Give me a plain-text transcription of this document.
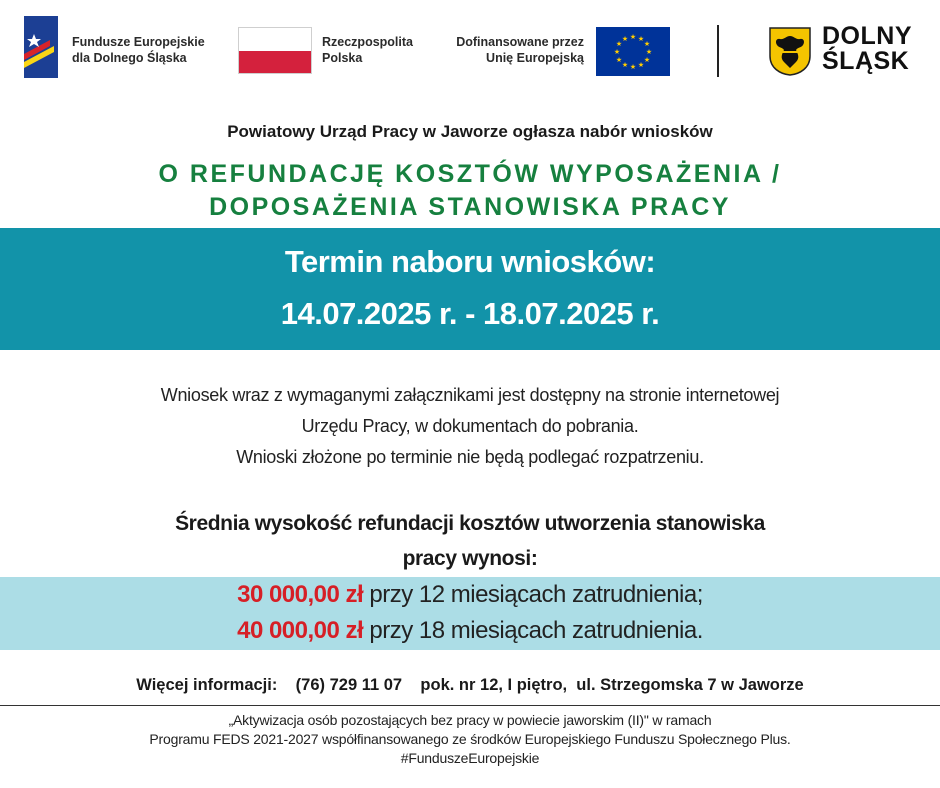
Fundusze Europejskie
dla Dolnego Śląska
Rzeczpospolita
Polska
Dofinansowane przez
Unię Europejską
★ ★
★
★
★
★
★
★
★
★
★
★	DOLNY
ŚLĄSK
Powiatowy Urząd Pracy w Jaworze ogłasza nabór wniosków
O REFUNDACJĘ KOSZTÓW WYPOSAŻENIA /
DOPOSAŻENIA STANOWISKA PRACY
Termin naboru wniosków:
14.07.2025 r. - 18.07.2025 r.
Wniosek wraz z wymaganymi załącznikami jest dostępny na stronie internetowej
Urzędu Pracy, w dokumentach do pobrania.
Wnioski złożone po terminie nie będą podlegać rozpatrzeniu.
Średnia wysokość refundacji kosztów utworzenia stanowiska
pracy wynosi:
30 000,00 zł przy 12 miesiącach zatrudnienia;
40 000,00 zł przy 18 miesiącach zatrudnienia.
Więcej informacji:    (76) 729 11 07    pok. nr 12, I piętro,  ul. Strzegomska 7 w Jaworze
„Aktywizacja osób pozostających bez pracy w powiecie jaworskim (II)" w ramach
Programu FEDS 2021-2027 współfinansowanego ze środków Europejskiego Funduszu Społecznego Plus.
#FunduszeEuropejskie
